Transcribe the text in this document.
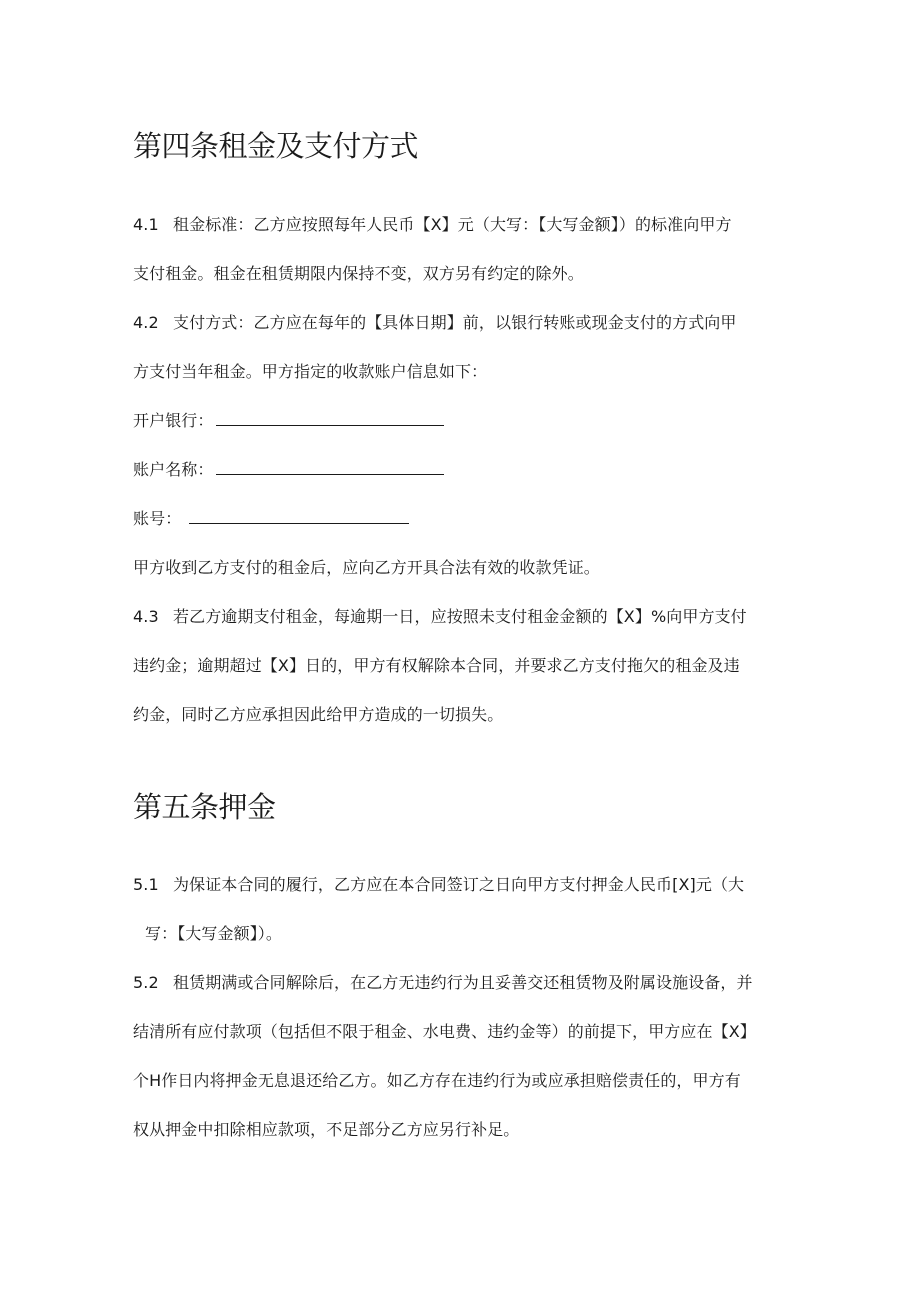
第四条租金及支付方式
4.1 租金标准：乙方应按照每年人民币【X】元（大写：【大写金额】）的标准向甲方
支付租金。租金在租赁期限内保持不变，双方另有约定的除外。
4.2 支付方式：乙方应在每年的【具体日期】前，以银行转账或现金支付的方式向甲
方支付当年租金。甲方指定的收款账户信息如下：
开户银行：
账户名称：
账号：
甲方收到乙方支付的租金后，应向乙方开具合法有效的收款凭证。
4.3 若乙方逾期支付租金，每逾期一日，应按照未支付租金金额的【X】%向甲方支付
违约金；逾期超过【X】日的，甲方有权解除本合同，并要求乙方支付拖欠的租金及违
约金，同时乙方应承担因此给甲方造成的一切损失。
第五条押金
5.1 为保证本合同的履行，乙方应在本合同签订之日向甲方支付押金人民币[X]元（大
写：【大写金额】）。
5.2 租赁期满或合同解除后，在乙方无违约行为且妥善交还租赁物及附属设施设备，并
结清所有应付款项（包括但不限于租金、水电费、违约金等）的前提下，甲方应在【X】
个H作日内将押金无息退还给乙方。如乙方存在违约行为或应承担赔偿责任的，甲方有
权从押金中扣除相应款项，不足部分乙方应另行补足。
